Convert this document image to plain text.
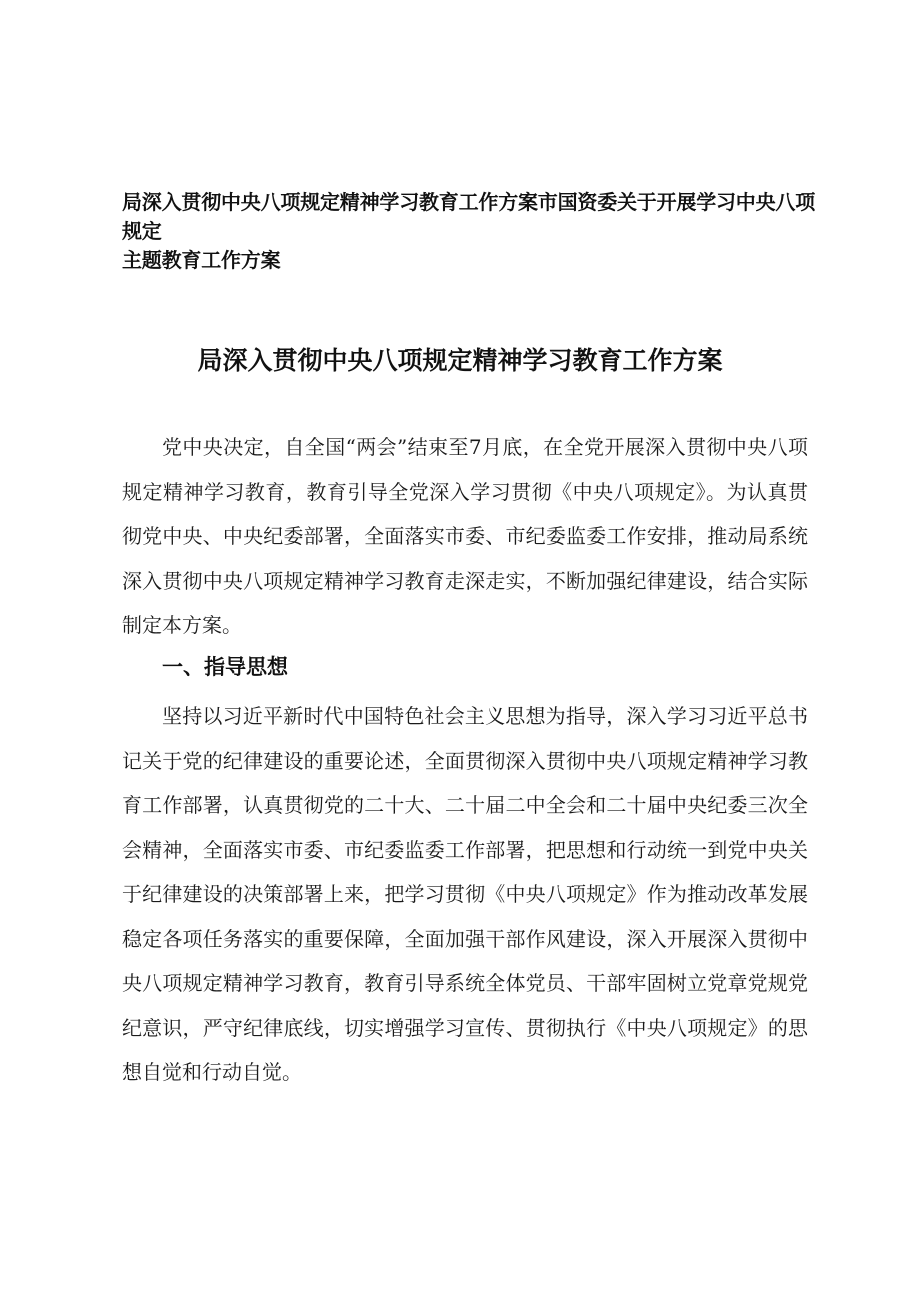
局深入贯彻中央八项规定精神学习教育工作方案市国资委关于开展学习中央八项规定
主题教育工作方案
局深入贯彻中央八项规定精神学习教育工作方案

党中央决定，自全国“两会”结束至7月底，在全党开展深入贯彻中央八项规定精神学习教育，教育引导全党深入学习贯彻《中央八项规定》。为认真贯彻党中央、中央纪委部署，全面落实市委、市纪委监委工作安排，推动局系统深入贯彻中央八项规定精神学习教育走深走实，不断加强纪律建设，结合实际制定本方案。

一、指导思想

坚持以习近平新时代中国特色社会主义思想为指导，深入学习习近平总书记关于党的纪律建设的重要论述，全面贯彻深入贯彻中央八项规定精神学习教育工作部署，认真贯彻党的二十大、二十届二中全会和二十届中央纪委三次全会精神，全面落实市委、市纪委监委工作部署，把思想和行动统一到党中央关于纪律建设的决策部署上来，把学习贯彻《中央八项规定》作为推动改革发展稳定各项任务落实的重要保障，全面加强干部作风建设，深入开展深入贯彻中央八项规定精神学习教育，教育引导系统全体党员、干部牢固树立党章党规党纪意识，严守纪律底线，切实增强学习宣传、贯彻执行《中央八项规定》的思想自觉和行动自觉。
